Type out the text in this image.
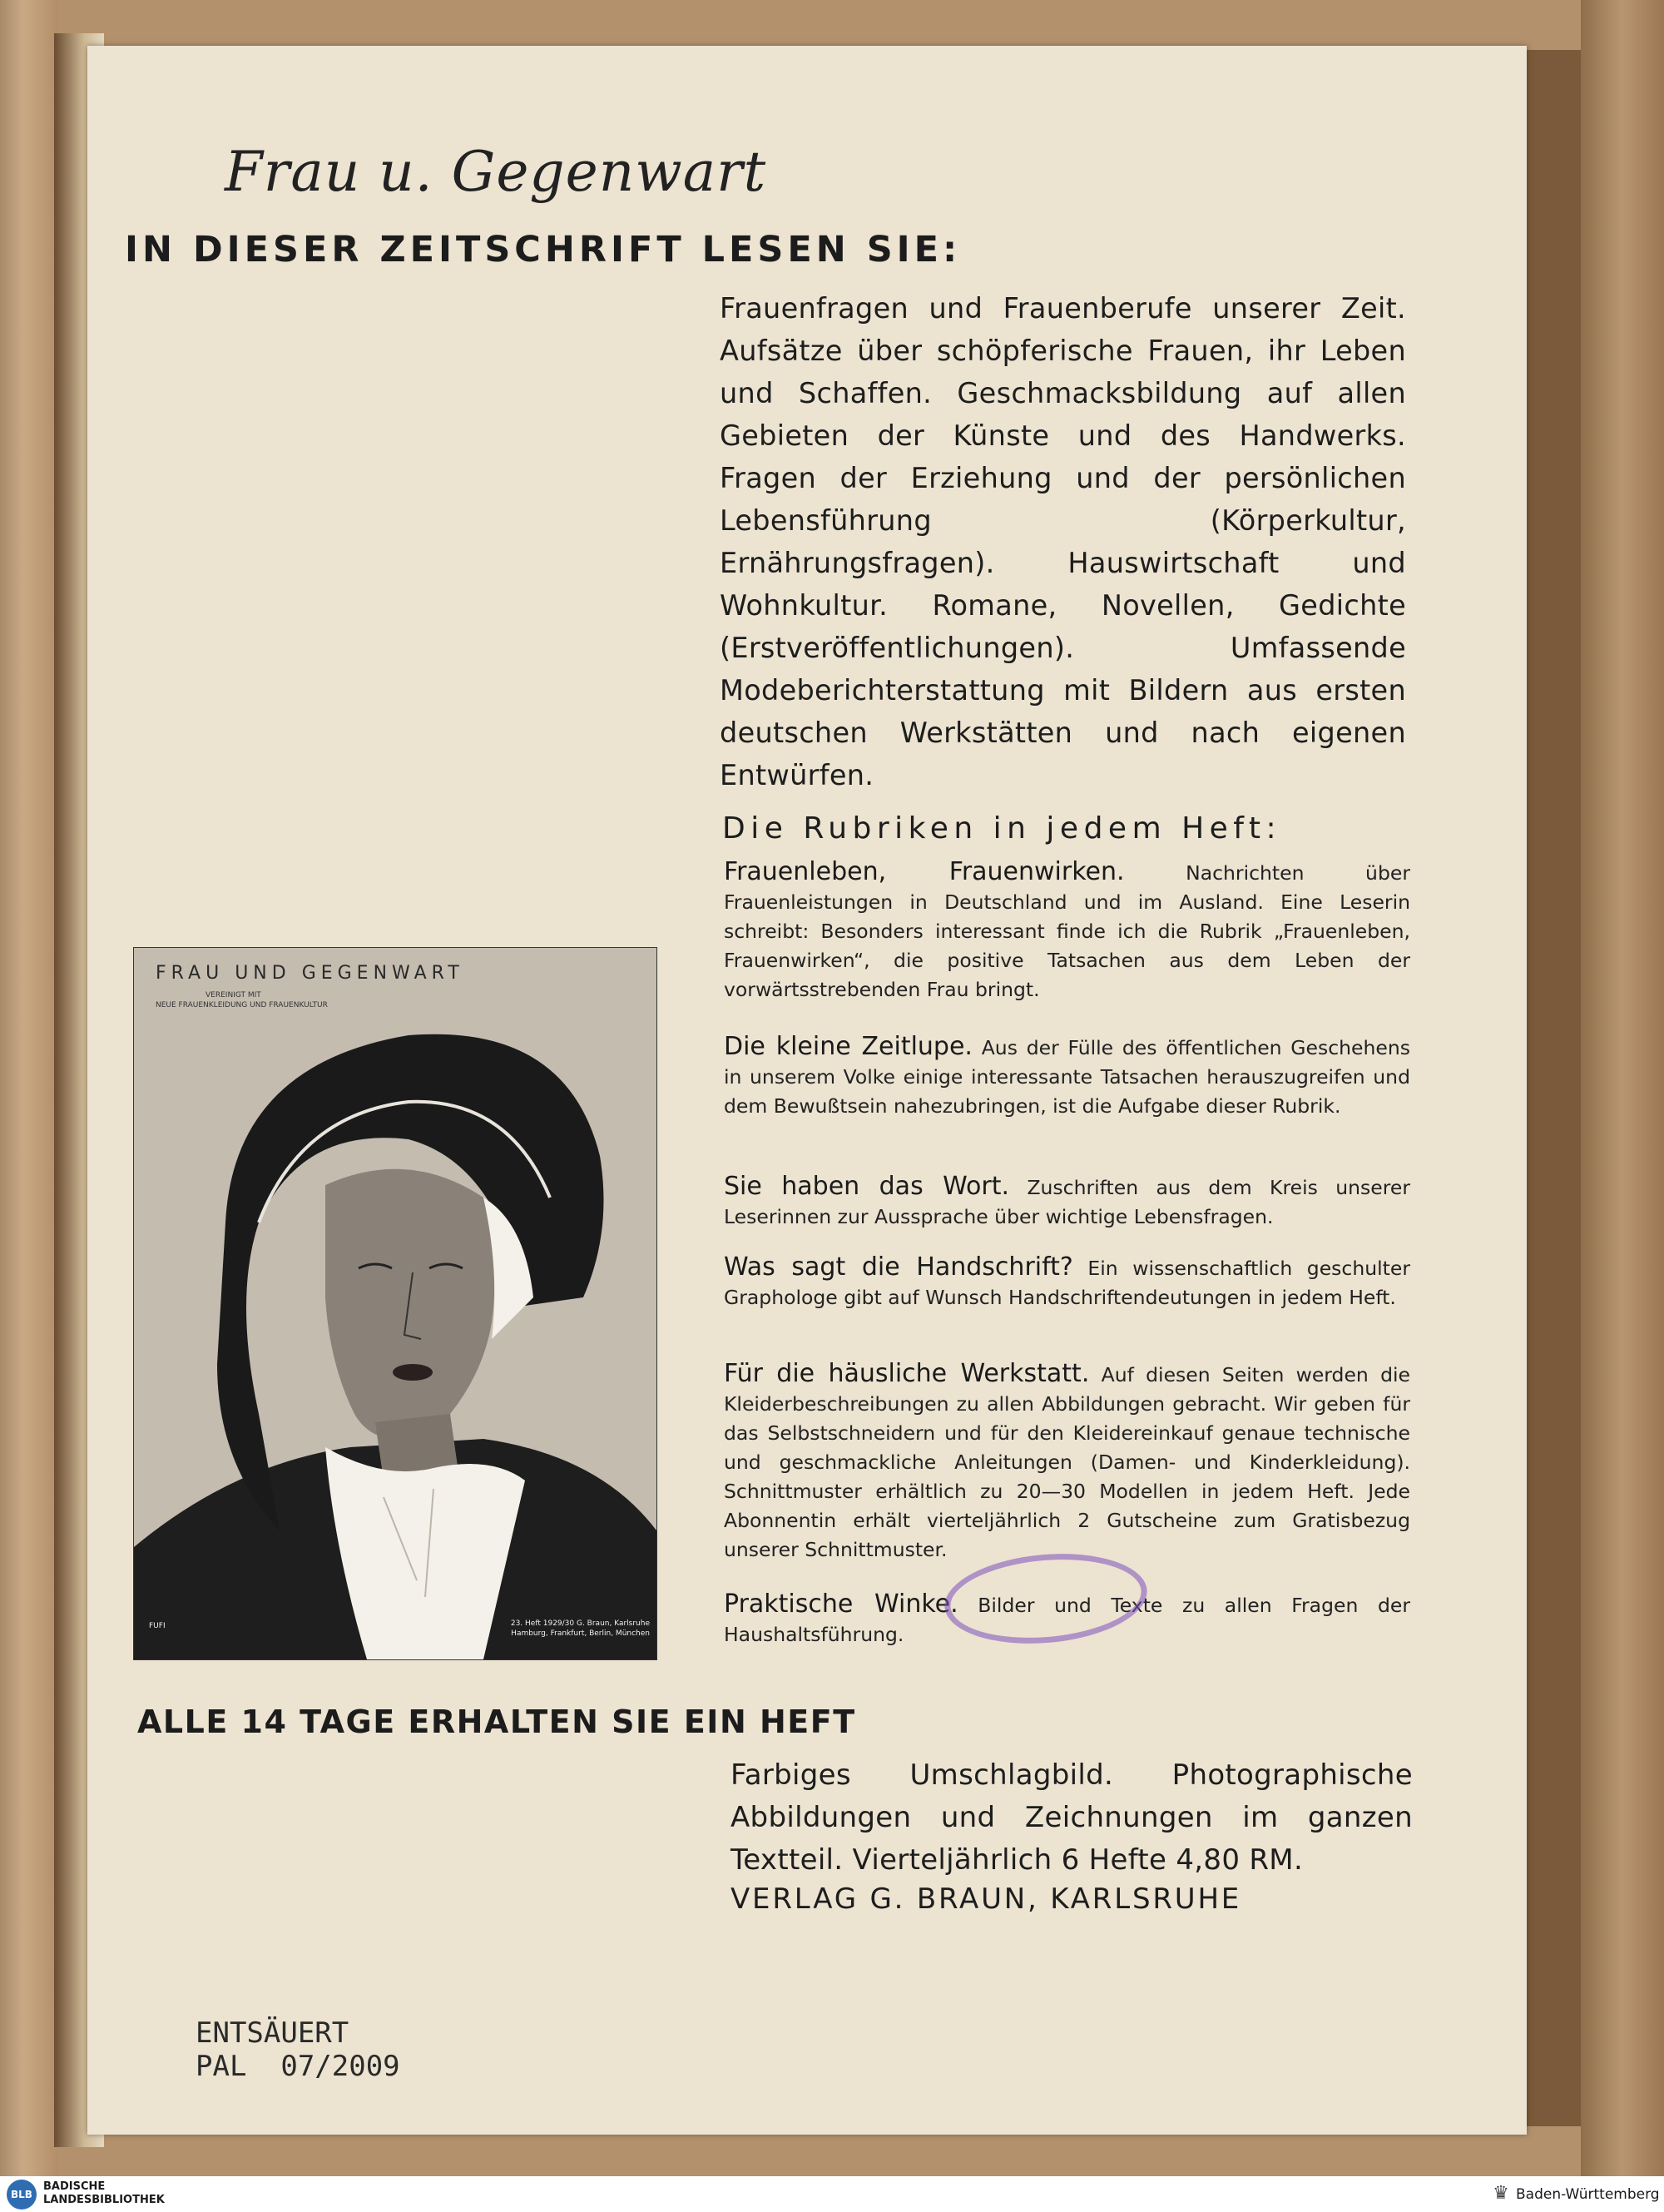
Frau u. Gegenwart
IN DIESER ZEITSCHRIFT LESEN SIE:
Frauenfragen und Frauenberufe unserer Zeit. Aufsätze über schöpferische Frauen, ihr Leben und Schaffen. Geschmacksbildung auf allen Gebieten der Künste und des Handwerks. Fragen der Erziehung und der persönlichen Lebensführung (Körperkultur, Ernährungsfragen). Hauswirtschaft und Wohnkultur. Romane, Novellen, Gedichte (Erstveröffentlichungen). Umfassende Modeberichterstattung mit Bildern aus ersten deutschen Werkstätten und nach eigenen Entwürfen.
Die Rubriken in jedem Heft:
Frauenleben, Frauenwirken.	Nachrichten über Frauenleistungen in Deutschland und im Ausland. Eine Leserin schreibt: Besonders interessant finde ich die Rubrik „Frauenleben, Frauenwirken“, die positive Tatsachen aus dem Leben der vorwärtsstrebenden Frau bringt.
Die kleine Zeitlupe. Aus der Fülle des öffentlichen Geschehens in unserem Volke einige interessante Tatsachen herauszugreifen und dem Bewußtsein nahezubringen, ist die Aufgabe dieser Rubrik.
Sie haben das Wort. Zuschriften aus dem Kreis unserer Leserinnen zur Aussprache über wichtige Lebensfragen.
Was sagt die Handschrift? Ein wissenschaftlich geschulter Graphologe gibt auf Wunsch Handschriftendeutungen in jedem Heft.
Für die häusliche Werkstatt. Auf diesen Seiten werden die Kleiderbeschreibungen zu allen Abbildungen gebracht. Wir geben für das Selbstschneidern und für den Kleidereinkauf genaue technische und geschmackliche Anleitungen (Damen- und Kinderkleidung). Schnittmuster erhältlich zu 20—30 Modellen in jedem Heft. Jede Abonnentin erhält vierteljährlich 2 Gutscheine zum Gratisbezug unserer Schnittmuster.
Praktische Winke. Bilder und Texte zu allen Fragen der Haushaltsführung.
FRAU UND GEGENWART
VEREINIGT MIT
NEUE FRAUENKLEIDUNG UND FRAUENKULTUR
FUFI	23. Heft 1929/30 G. Braun, Karlsruhe Hamburg, Frankfurt, Berlin, München
ALLE 14 TAGE ERHALTEN SIE EIN HEFT
Farbiges Umschlagbild. Photographische Abbildungen und Zeichnungen im ganzen Textteil. Vierteljährlich 6 Hefte 4,80 RM.
VERLAG G. BRAUN, KARLSRUHE
ENTSÄUERT
PAL  07/2009
BLB
BADISCHE
LANDESBIBLIOTHEK	♛ Baden-Württemberg
